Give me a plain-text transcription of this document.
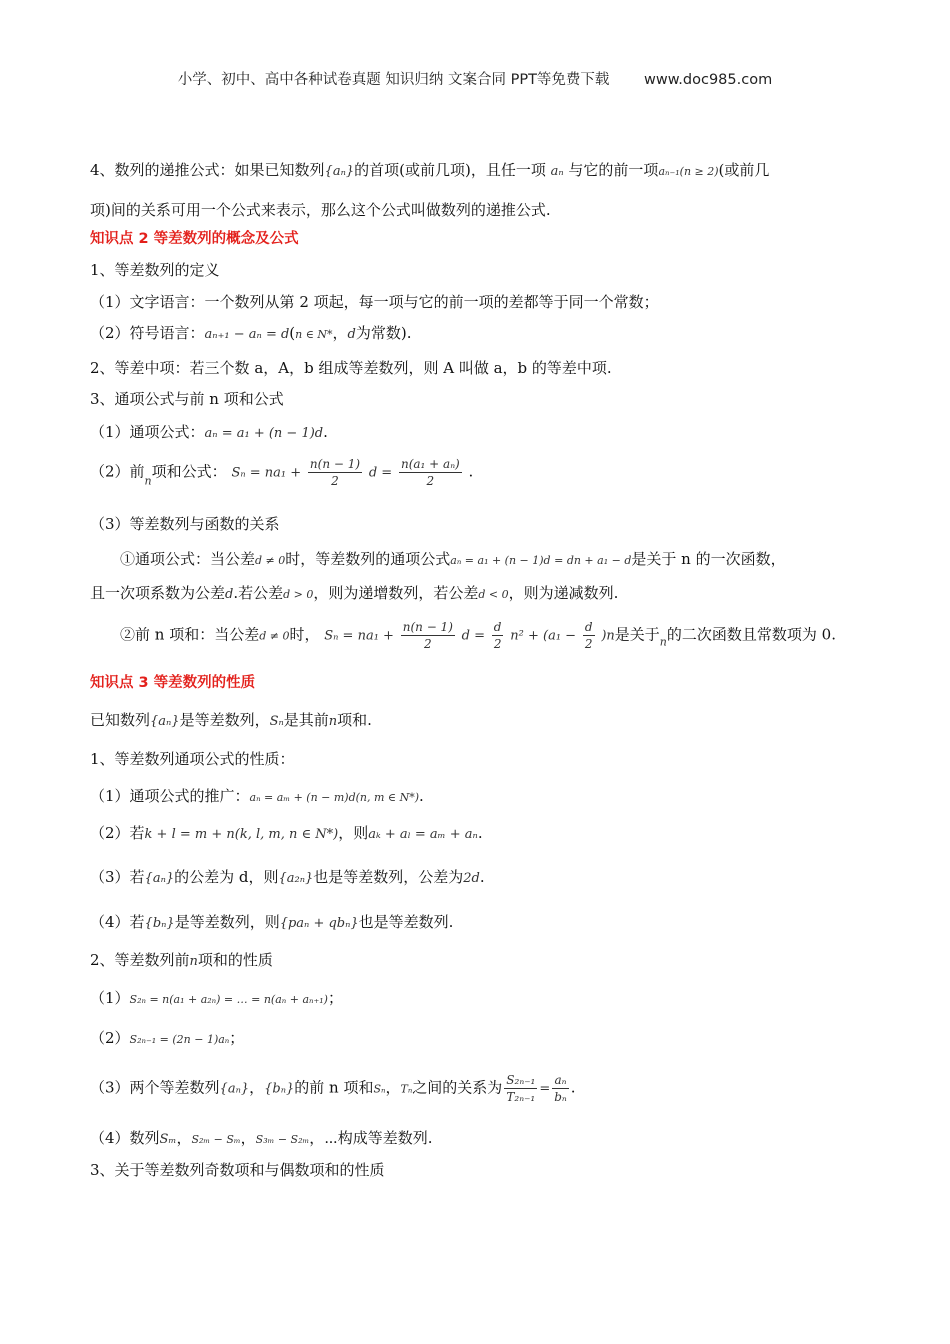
小学、初中、高中各种试卷真题 知识归纳 文案合同 PPT等免费下载 www.doc985.com
4、数列的递推公式：如果已知数列{aₙ}的首项(或前几项)，且任一项 aₙ 与它的前一项aₙ₋₁(n ≥ 2)(或前几
项)间的关系可用一个公式来表示，那么这个公式叫做数列的递推公式.
知识点 2 等差数列的概念及公式
1、等差数列的定义
（1）文字语言：一个数列从第 2 项起，每一项与它的前一项的差都等于同一个常数；
（2）符号语言：aₙ₊₁ − aₙ = d(n ∈ N*，d为常数).
2、等差中项：若三个数 a，A，b 组成等差数列，则 A 叫做 a，b 的等差中项.
3、通项公式与前 n 项和公式
（1）通项公式：aₙ = a₁ + (n − 1)d.
（2）前$_n$项和公式： $S_n = na_1 + \frac{n(n - 1)}{2}$ $d = \frac{\text{n(a₁ + aₙ)}}{2}$ .
（3）等差数列与函数的关系
①通项公式：当公差d ≠ 0时，等差数列的通项公式aₙ = a₁ + (n − 1)d = dn + a₁ − d是关于 n 的一次函数，
且一次项系数为公差d.若公差d > 0，则为递增数列，若公差d < 0，则为递减数列.
②前 n 项和：当公差d ≠ 0时， $S_n = na_1 + \frac{n(n - 1)}{2}$ $d = \frac{d}{2} n^2 + (a_1 - \frac{d}{2} )n$是关于$_n$的二次函数且常数项为 0.
知识点 3 等差数列的性质
已知数列{aₙ}是等差数列，Sₙ是其前n项和.
1、等差数列通项公式的性质：
（1）通项公式的推广：aₙ = aₘ + (n − m)d(n, m ∈ N*).
（2）若k + l = m + n(k, l, m, n ∈ N*)，则aₖ + aₗ = aₘ + aₙ.
（3）若{aₙ}的公差为 d，则{a₂ₙ}也是等差数列，公差为2d.
（4）若{bₙ}是等差数列，则{paₙ + qbₙ}也是等差数列.
2、等差数列前n项和的性质
（1）S₂ₙ = n(a₁ + a₂ₙ) = … = n(aₙ + aₙ₊₁)；
（2）S₂ₙ₋₁ = (2n − 1)aₙ；
（3）两个等差数列{aₙ}，{bₙ}的前 n 项和Sₙ，Tₙ之间的关系为 $\frac{\text{S₂ₙ₋₁}}{\text{T₂ₙ₋₁}} = \frac{\text{aₙ}}{\text{bₙ}}$ .
（4）数列Sₘ，S₂ₘ − Sₘ，S₃ₘ − S₂ₘ，⋯构成等差数列.
3、关于等差数列奇数项和与偶数项和的性质
